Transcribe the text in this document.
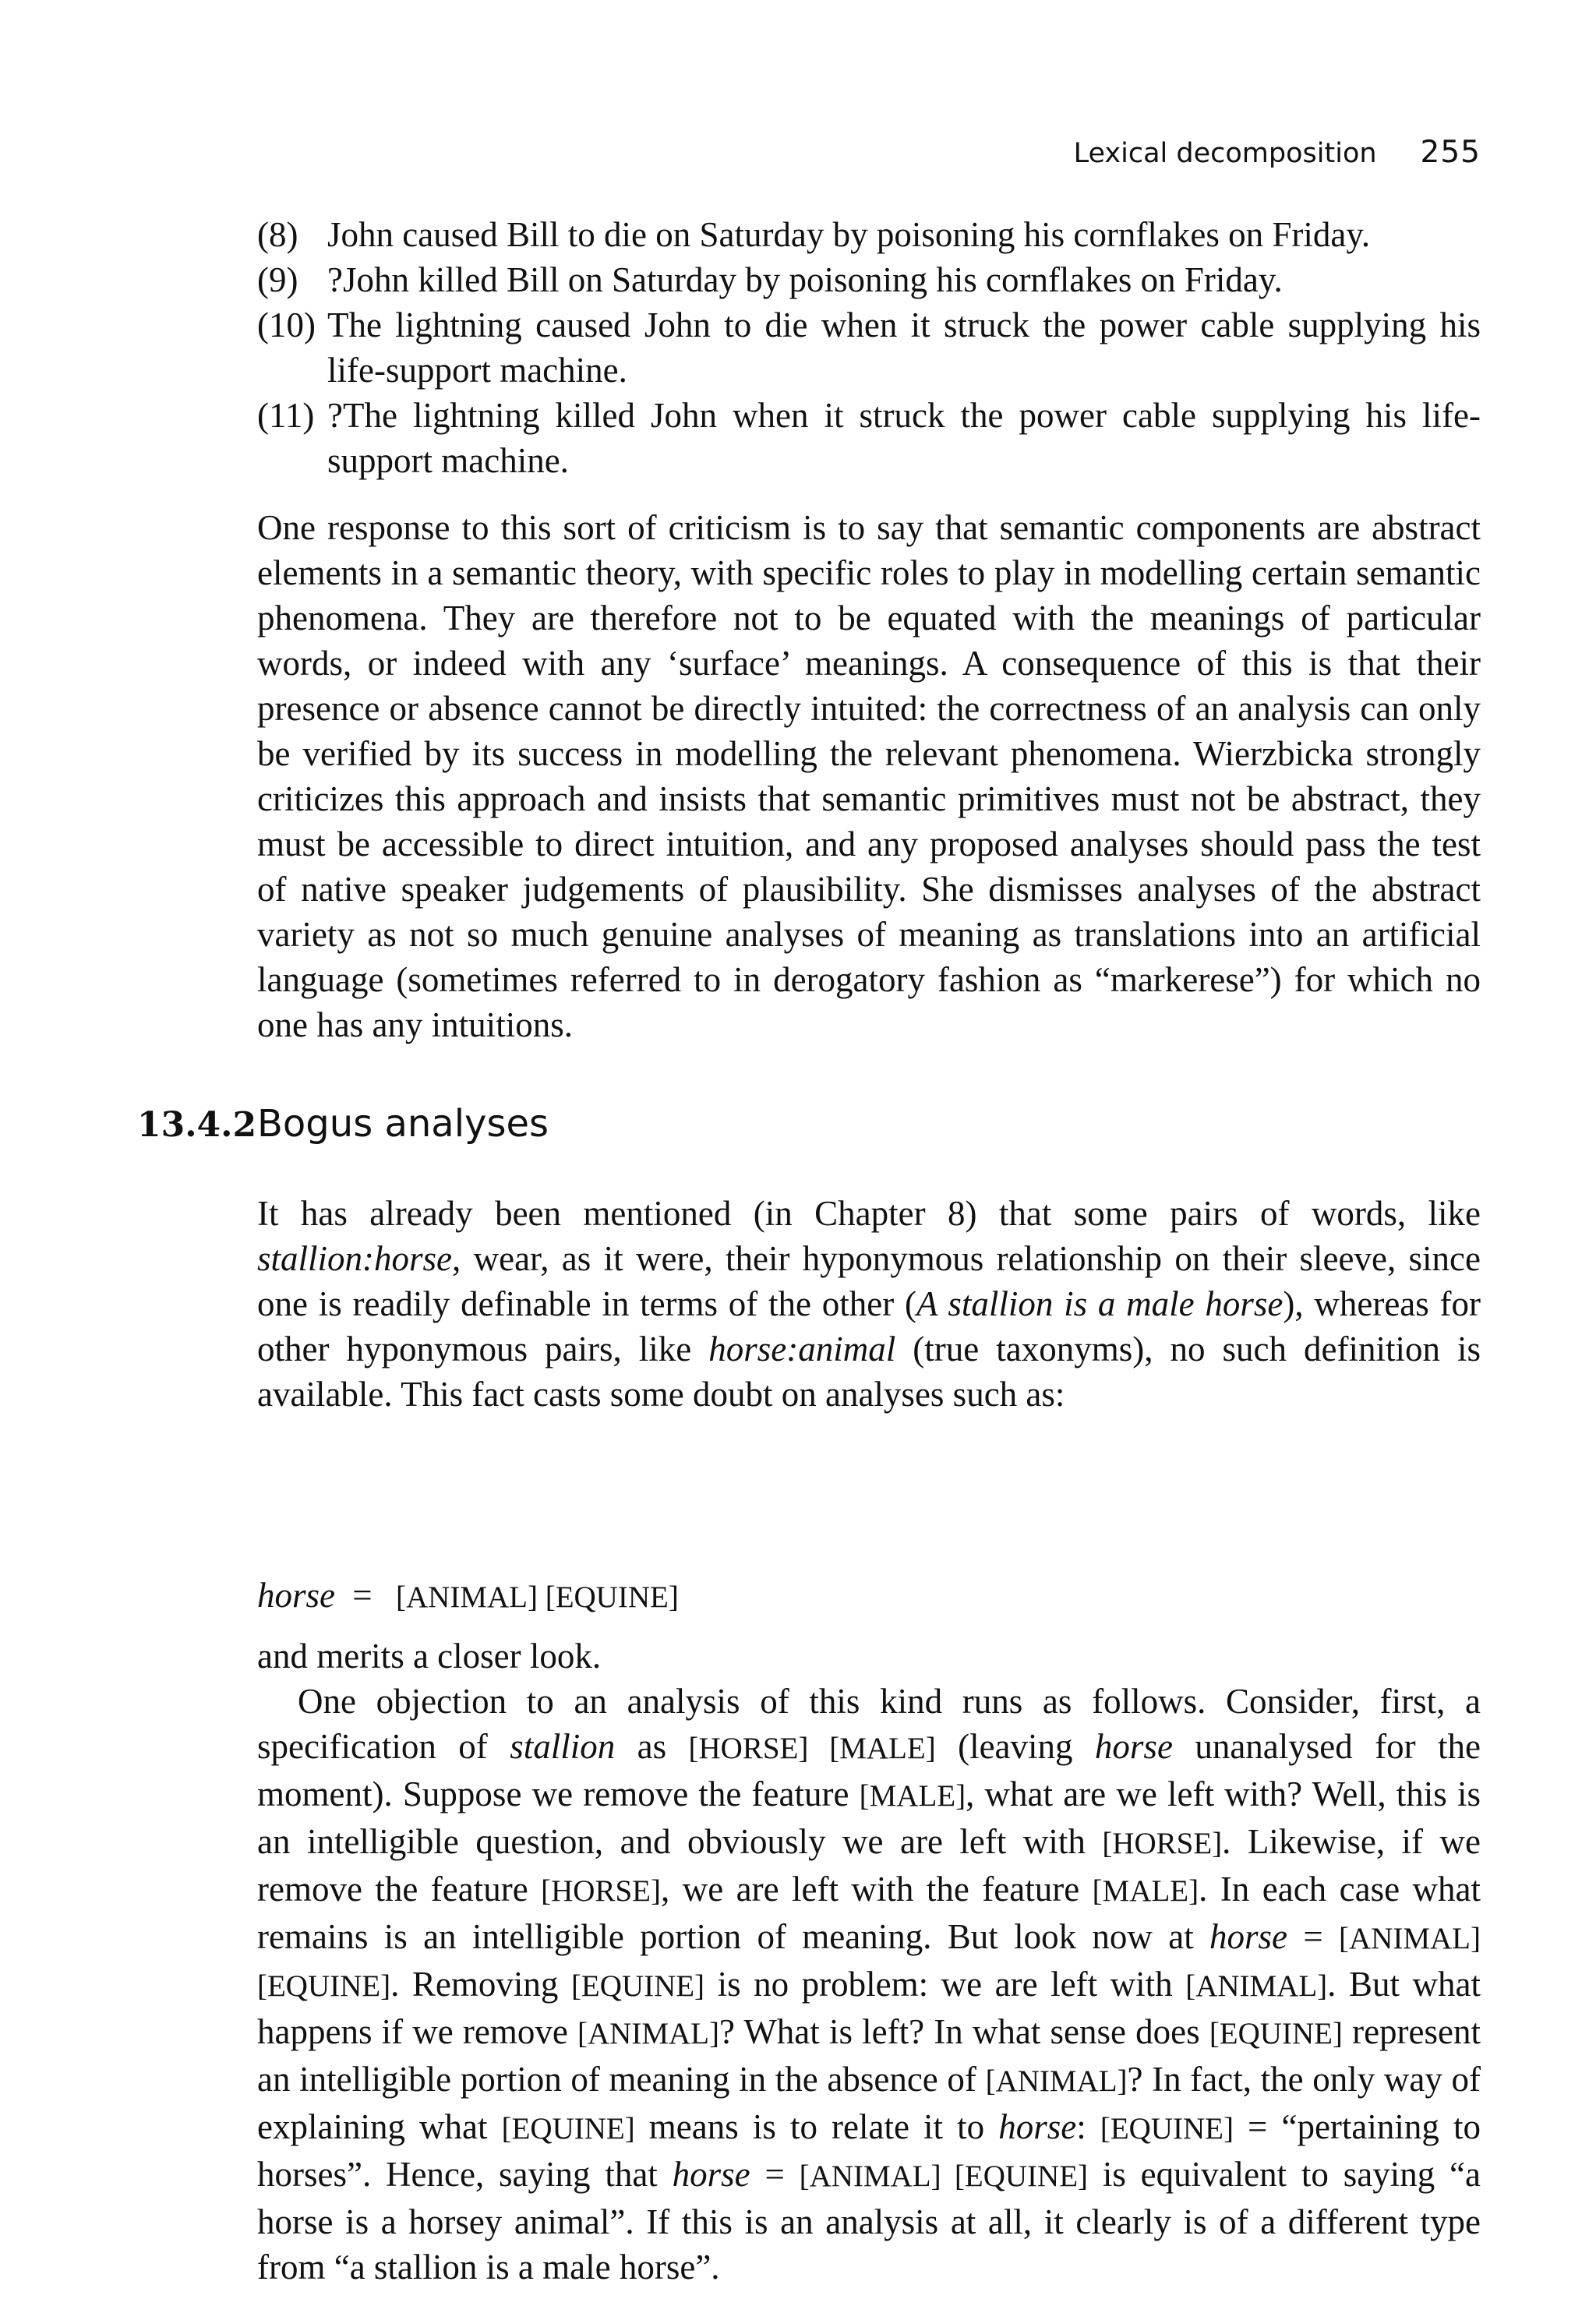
Lexical decomposition 255
(8) John caused Bill to die on Saturday by poisoning his cornflakes on Friday.
(9) ?John killed Bill on Saturday by poisoning his cornflakes on Friday.
(10) The lightning caused John to die when it struck the power cable supplying his life-support machine.
(11) ?The lightning killed John when it struck the power cable supplying his life-support machine.

One response to this sort of criticism is to say that semantic components are abstract elements in a semantic theory, with specific roles to play in modelling certain semantic phenomena. They are therefore not to be equated with the meanings of particular words, or indeed with any ‘surface’ meanings. A consequence of this is that their presence or absence cannot be directly intuited: the correctness of an analysis can only be verified by its success in modelling the relevant phenomena. Wierzbicka strongly criticizes this approach and insists that semantic primitives must not be abstract, they must be accessible to direct intuition, and any proposed analyses should pass the test of native speaker judgements of plausibility. She dismisses analyses of the abstract variety as not so much genuine analyses of meaning as translations into an artificial language (sometimes referred to in derogatory fashion as “markerese”) for which no one has any intuitions.

13.4.2Bogus analyses

It has already been mentioned (in Chapter 8) that some pairs of words, like stallion:horse, wear, as it were, their hyponymous relationship on their sleeve, since one is readily definable in terms of the other (A stallion is a male horse), whereas for other hyponymous pairs, like horse:animal (true taxonyms), no such definition is available. This fact casts some doubt on analyses such as:

horse = [ANIMAL] [EQUINE]

and merits a closer look.

One objection to an analysis of this kind runs as follows. Consider, first, a specification of stallion as [HORSE] [MALE] (leaving horse unanalysed for the moment). Suppose we remove the feature [MALE], what are we left with? Well, this is an intelligible question, and obviously we are left with [HORSE]. Likewise, if we remove the feature [HORSE], we are left with the feature [MALE]. In each case what remains is an intelligible portion of meaning. But look now at horse = [ANIMAL] [EQUINE]. Removing [EQUINE] is no problem: we are left with [ANIMAL]. But what happens if we remove [ANIMAL]? What is left? In what sense does [EQUINE] represent an intelligible portion of meaning in the absence of [ANIMAL]? In fact, the only way of explaining what [EQUINE] means is to relate it to horse: [EQUINE] = “pertaining to horses”. Hence, saying that horse = [ANIMAL] [EQUINE] is equivalent to saying “a horse is a horsey animal”. If this is an analysis at all, it clearly is of a different type from “a stallion is a male horse”.
